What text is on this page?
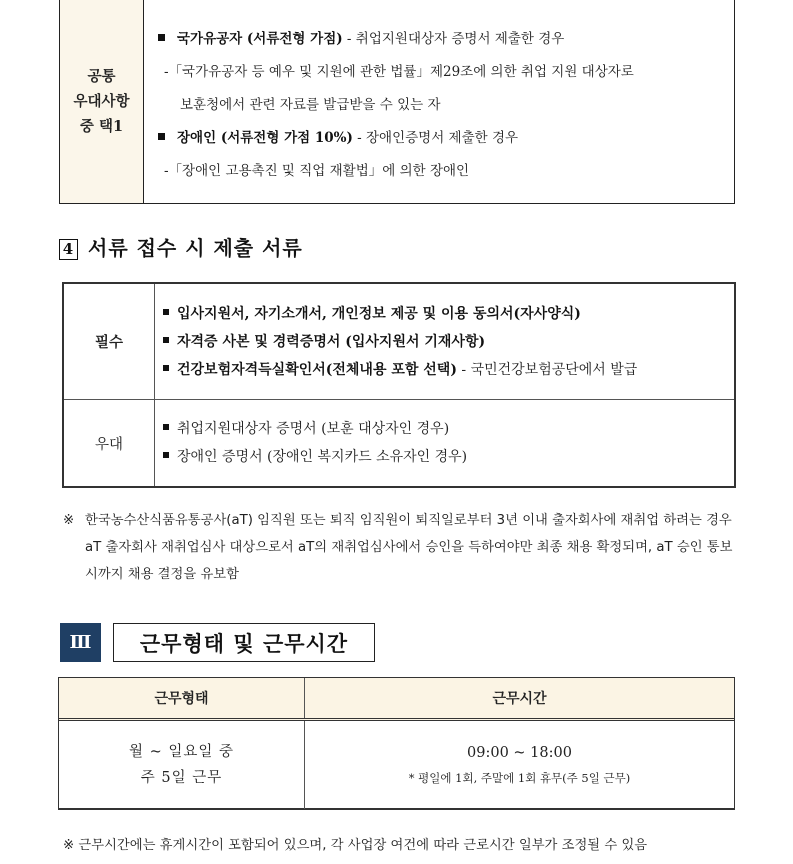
공통
우대사항
중 택1
국가유공자 (서류전형 가점) - 취업지원대상자 증명서 제출한 경우
-「국가유공자 등 예우 및 지원에 관한 법률」제29조에 의한 취업 지원 대상자로
보훈청에서 관련 자료를 발급받을 수 있는 자
장애인 (서류전형 가점 10%) - 장애인증명서 제출한 경우
-「장애인 고용촉진 및 직업 재활법」에 의한 장애인
4 서류 접수 시 제출 서류
필수
입사지원서, 자기소개서, 개인정보 제공 및 이용 동의서(자사양식)
자격증 사본 및 경력증명서 (입사지원서 기재사항)
건강보험자격득실확인서(전체내용 포함 선택) - 국민건강보험공단에서 발급
우대
취업지원대상자 증명서 (보훈 대상자인 경우)
장애인 증명서 (장애인 복지카드 소유자인 경우)
※ 한국농수산식품유통공사(aT) 임직원 또는 퇴직 임직원이 퇴직일로부터 3년 이내 출자회사에 재취업 하려는 경우 aT 출자회사 재취업심사 대상으로서 aT의 재취업심사에서 승인을 득하여야만 최종 채용 확정되며, aT 승인 통보 시까지 채용 결정을 유보함
Ⅲ	근무형태 및 근무시간
근무형태	근무시간
월 ~ 일요일 중
주 5일 근무
09:00 ~ 18:00
* 평일에 1회, 주말에 1회 휴무(주 5일 근무)
※ 근무시간에는 휴게시간이 포함되어 있으며, 각 사업장 여건에 따라 근로시간 일부가 조정될 수 있음
